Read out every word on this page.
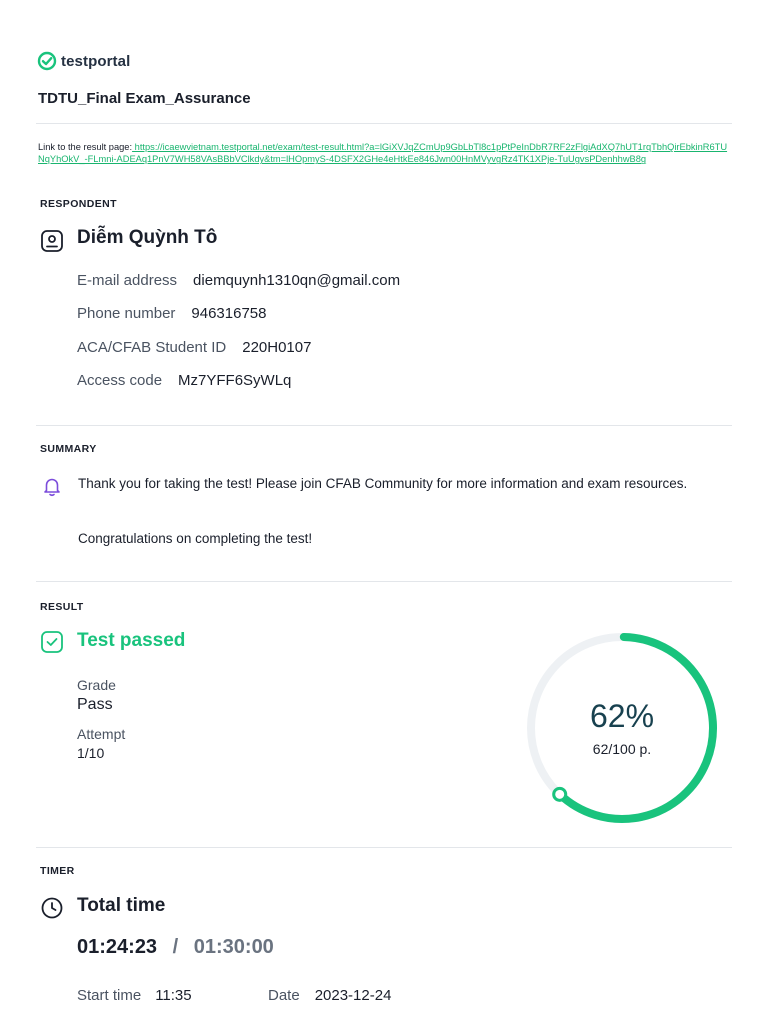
testportal
TDTU_Final Exam_Assurance
Link to the result page: https://icaewvietnam.testportal.net/exam/test-result.html?a=lGiXVJqZCmUp9GbLbTl8c1pPtPeInDbR7RF2zFlgiAdXQ7hUT1rqTbhQirEbkinR6TUNqYhOkV_-FLmni-ADEAq1PnV7WH58VAsBBbVClkdy&tm=lHOpmyS-4DSFX2GHe4eHtkEe846Jwn00HnMVyvgRz4TK1XPje-TuUgvsPDenhhwB8g
RESPONDENT
Diễm Quỳnh Tô
E-mail address diemquynh1310qn@gmail.com
Phone number 946316758
ACA/CFAB Student ID 220H0107
Access code Mz7YFF6SyWLq
SUMMARY
Thank you for taking the test! Please join CFAB Community for more information and exam resources.
Congratulations on completing the test!
RESULT
Test passed
Grade
Pass
Attempt
1/10
62%
62/100 p.
TIMER
Total time
01:24:23 / 01:30:00
Start time 11:35	Date 2023-12-24
